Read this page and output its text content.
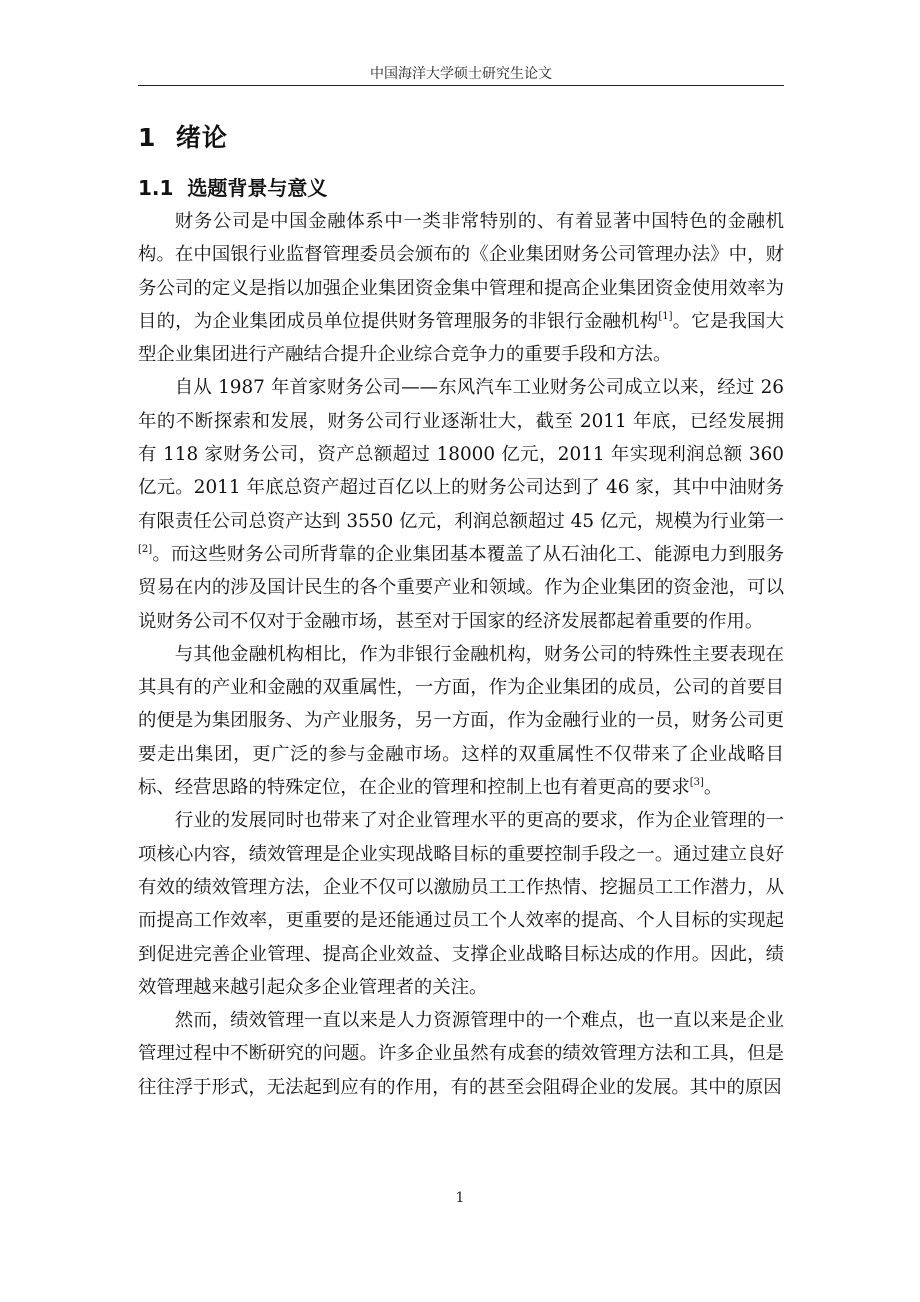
中国海洋大学硕士研究生论文
1 绪论
1.1 选题背景与意义

财务公司是中国金融体系中一类非常特别的、有着显著中国特色的金融机构。在中国银行业监督管理委员会颁布的《企业集团财务公司管理办法》中，财务公司的定义是指以加强企业集团资金集中管理和提高企业集团资金使用效率为目的，为企业集团成员单位提供财务管理服务的非银行金融机构[1]。它是我国大型企业集团进行产融结合提升企业综合竞争力的重要手段和方法。

自从 1987 年首家财务公司——东风汽车工业财务公司成立以来，经过 26 年的不断探索和发展，财务公司行业逐渐壮大，截至 2011 年底，已经发展拥有 118 家财务公司，资产总额超过 18000 亿元，2011 年实现利润总额 360 亿元。2011 年底总资产超过百亿以上的财务公司达到了 46 家，其中中油财务有限责任公司总资产达到 3550 亿元，利润总额超过 45 亿元，规模为行业第一[2]。而这些财务公司所背靠的企业集团基本覆盖了从石油化工、能源电力到服务贸易在内的涉及国计民生的各个重要产业和领域。作为企业集团的资金池，可以说财务公司不仅对于金融市场，甚至对于国家的经济发展都起着重要的作用。

与其他金融机构相比，作为非银行金融机构，财务公司的特殊性主要表现在其具有的产业和金融的双重属性，一方面，作为企业集团的成员，公司的首要目的便是为集团服务、为产业服务，另一方面，作为金融行业的一员，财务公司更要走出集团，更广泛的参与金融市场。这样的双重属性不仅带来了企业战略目标、经营思路的特殊定位，在企业的管理和控制上也有着更高的要求[3]。

行业的发展同时也带来了对企业管理水平的更高的要求，作为企业管理的一项核心内容，绩效管理是企业实现战略目标的重要控制手段之一。通过建立良好有效的绩效管理方法，企业不仅可以激励员工工作热情、挖掘员工工作潜力，从而提高工作效率，更重要的是还能通过员工个人效率的提高、个人目标的实现起到促进完善企业管理、提高企业效益、支撑企业战略目标达成的作用。因此，绩效管理越来越引起众多企业管理者的关注。

然而，绩效管理一直以来是人力资源管理中的一个难点，也一直以来是企业管理过程中不断研究的问题。许多企业虽然有成套的绩效管理方法和工具，但是往往浮于形式，无法起到应有的作用，有的甚至会阻碍企业的发展。其中的原因

1
